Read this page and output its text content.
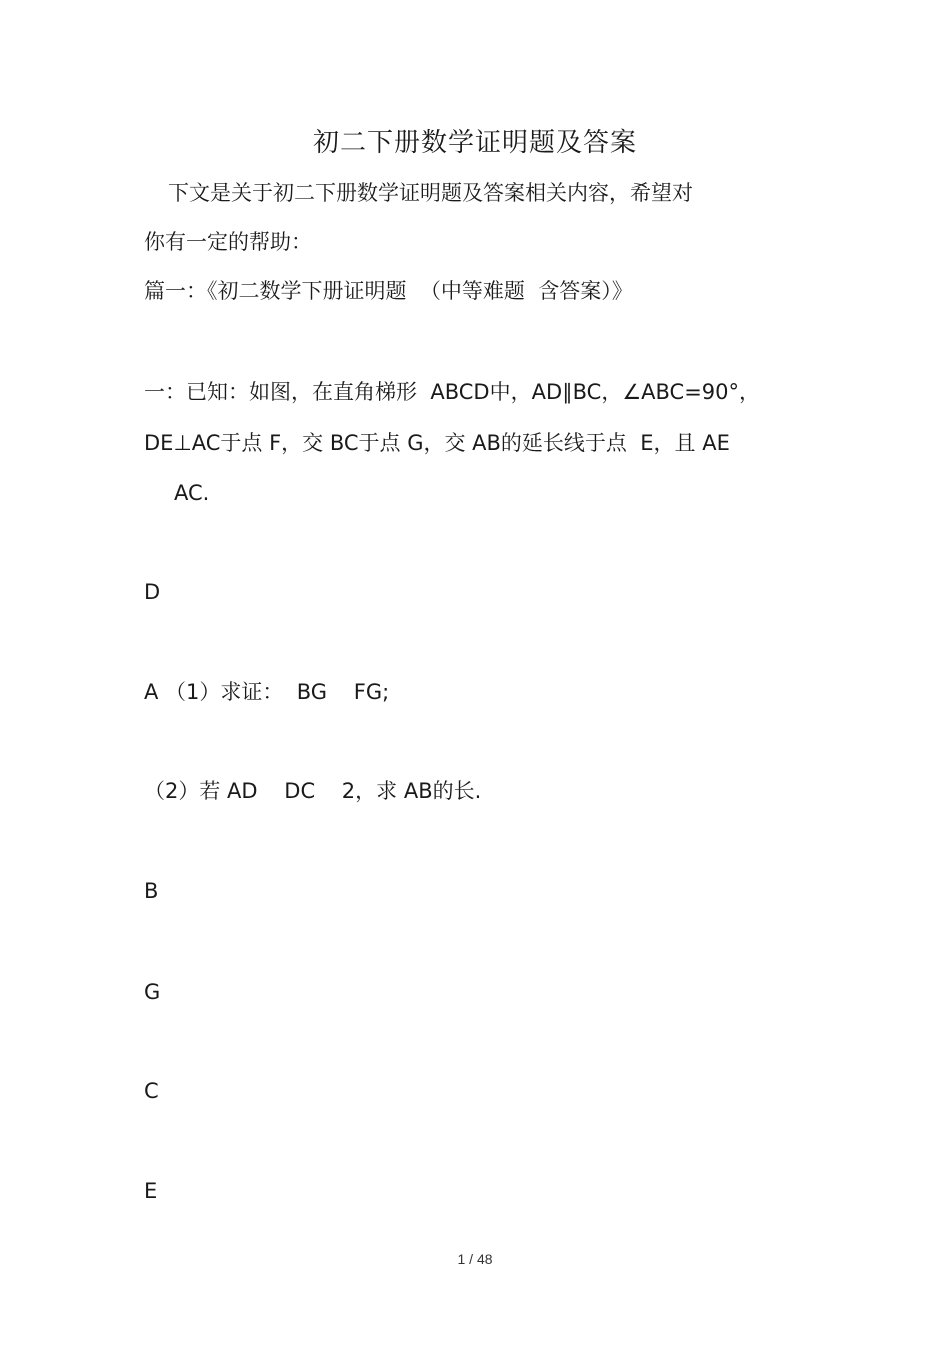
初二下册数学证明题及答案
下文是关于初二下册数学证明题及答案相关内容，希望对
你有一定的帮助：
篇一：《初二数学下册证明题  （中等难题  含答案）》
一：已知：如图，在直角梯形  ABCD中，AD∥BC，∠ABC=90°，
DE⊥AC于点 F，交 BC于点 G，交 AB的延长线于点  E，且 AE
AC.
D
A （1）求证：  BG    FG;
（2）若 AD    DC    2，求 AB的长.
B
G
C
E
1 / 48
